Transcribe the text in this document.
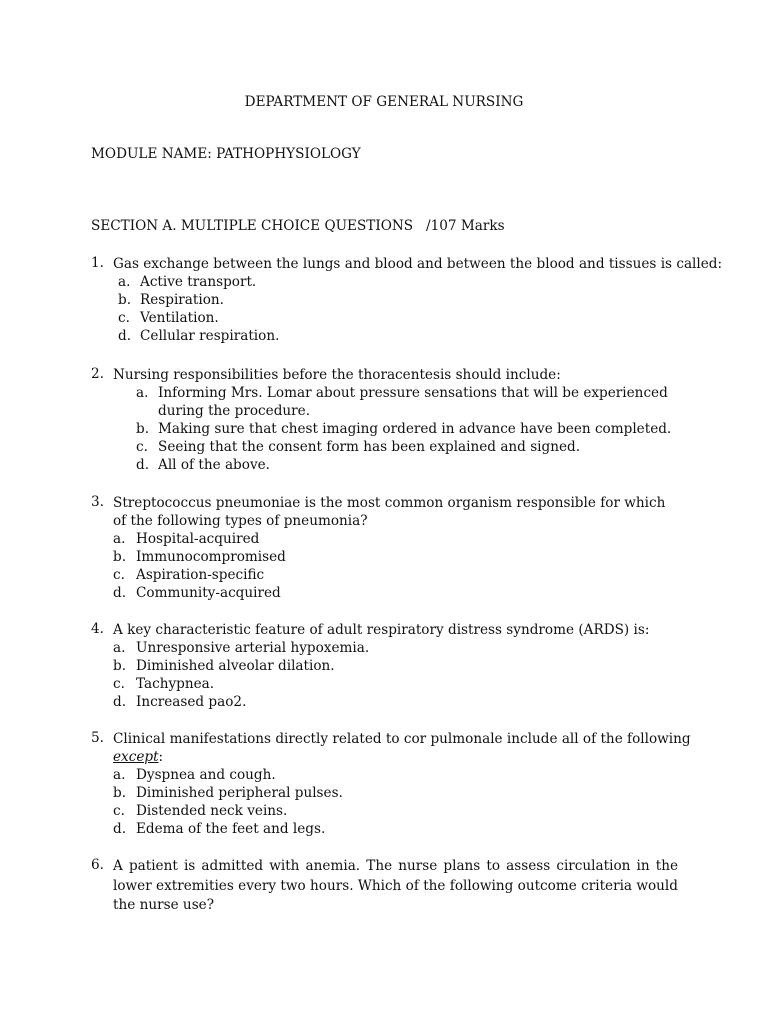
DEPARTMENT OF GENERAL NURSING
MODULE NAME: PATHOPHYSIOLOGY
SECTION A. MULTIPLE CHOICE QUESTIONS   /107 Marks
1. Gas exchange between the lungs and blood and between the blood and tissues is called:
a. Active transport.
b. Respiration.
c. Ventilation.
d. Cellular respiration.
2. Nursing responsibilities before the thoracentesis should include:
a. Informing Mrs. Lomar about pressure sensations that will be experienced during the procedure.
b. Making sure that chest imaging ordered in advance have been completed.
c. Seeing that the consent form has been explained and signed.
d. All of the above.
3. Streptococcus pneumoniae is the most common organism responsible for which of the following types of pneumonia?
a. Hospital-acquired
b. Immunocompromised
c. Aspiration-specific
d. Community-acquired
4. A key characteristic feature of adult respiratory distress syndrome (ARDS) is:
a. Unresponsive arterial hypoxemia.
b. Diminished alveolar dilation.
c. Tachypnea.
d. Increased pao2.
5. Clinical manifestations directly related to cor pulmonale include all of the following
except:
a. Dyspnea and cough.
b. Diminished peripheral pulses.
c. Distended neck veins.
d. Edema of the feet and legs.
6. A patient is admitted with anemia. The nurse plans to assess circulation in the lower extremities every two hours. Which of the following outcome criteria would the nurse use?
